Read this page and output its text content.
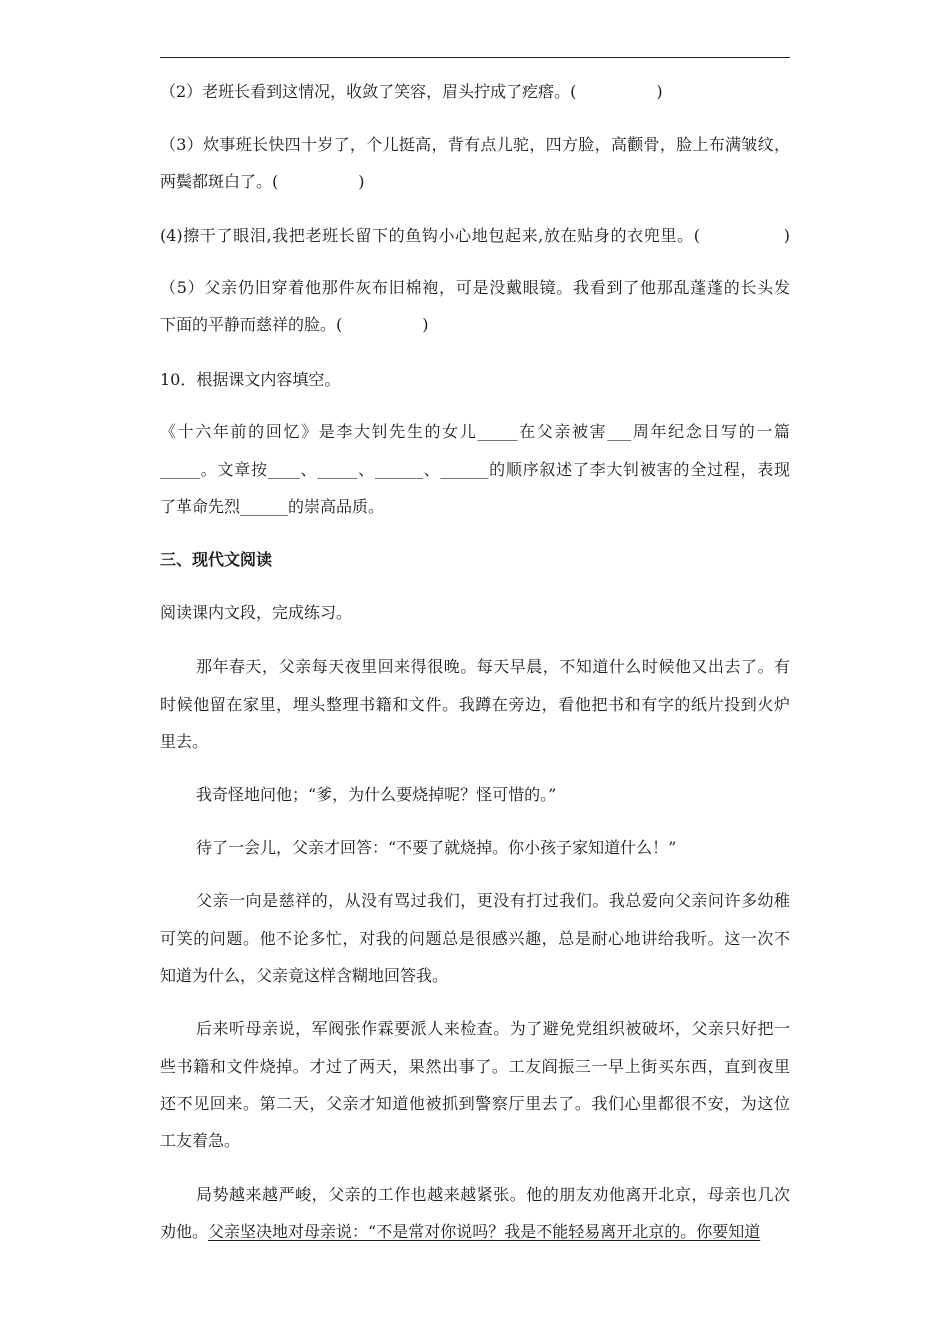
（2）老班长看到这情况，收敛了笑容，眉头拧成了疙瘩。(　　　　　)
（3）炊事班长快四十岁了，个儿挺高，背有点儿驼，四方脸，高颧骨，脸上布满皱纹，
两鬓都斑白了。(　　　　　)
(4)擦干了眼泪,我把老班长留下的鱼钩小心地包起来,放在贴身的衣兜里。(　　　　　)
（5）父亲仍旧穿着他那件灰布旧棉袍，可是没戴眼镜。我看到了他那乱蓬蓬的长头发
下面的平静而慈祥的脸。(　　　　　)
10．根据课文内容填空。
《十六年前的回忆》是李大钊先生的女儿_____在父亲被害___周年纪念日写的一篇
_____。文章按____、_____、______、______的顺序叙述了李大钊被害的全过程，表现
了革命先烈______的崇高品质。
三、现代文阅读
阅读课内文段，完成练习。
那年春天，父亲每天夜里回来得很晚。每天早晨，不知道什么时候他又出去了。有
时候他留在家里，埋头整理书籍和文件。我蹲在旁边，看他把书和有字的纸片投到火炉
里去。
我奇怪地问他；“爹，为什么要烧掉呢？怪可惜的。”
待了一会儿，父亲才回答：“不要了就烧掉。你小孩子家知道什么！”
父亲一向是慈祥的，从没有骂过我们，更没有打过我们。我总爱向父亲问许多幼稚
可笑的问题。他不论多忙，对我的问题总是很感兴趣，总是耐心地讲给我听。这一次不
知道为什么，父亲竟这样含糊地回答我。
后来听母亲说，军阀张作霖要派人来检查。为了避免党组织被破坏，父亲只好把一
些书籍和文件烧掉。才过了两天，果然出事了。工友阎振三一早上街买东西，直到夜里
还不见回来。第二天，父亲才知道他被抓到警察厅里去了。我们心里都很不安，为这位
工友着急。
局势越来越严峻，父亲的工作也越来越紧张。他的朋友劝他离开北京，母亲也几次
劝他。父亲坚决地对母亲说：“不是常对你说吗？我是不能轻易离开北京的。你要知道
